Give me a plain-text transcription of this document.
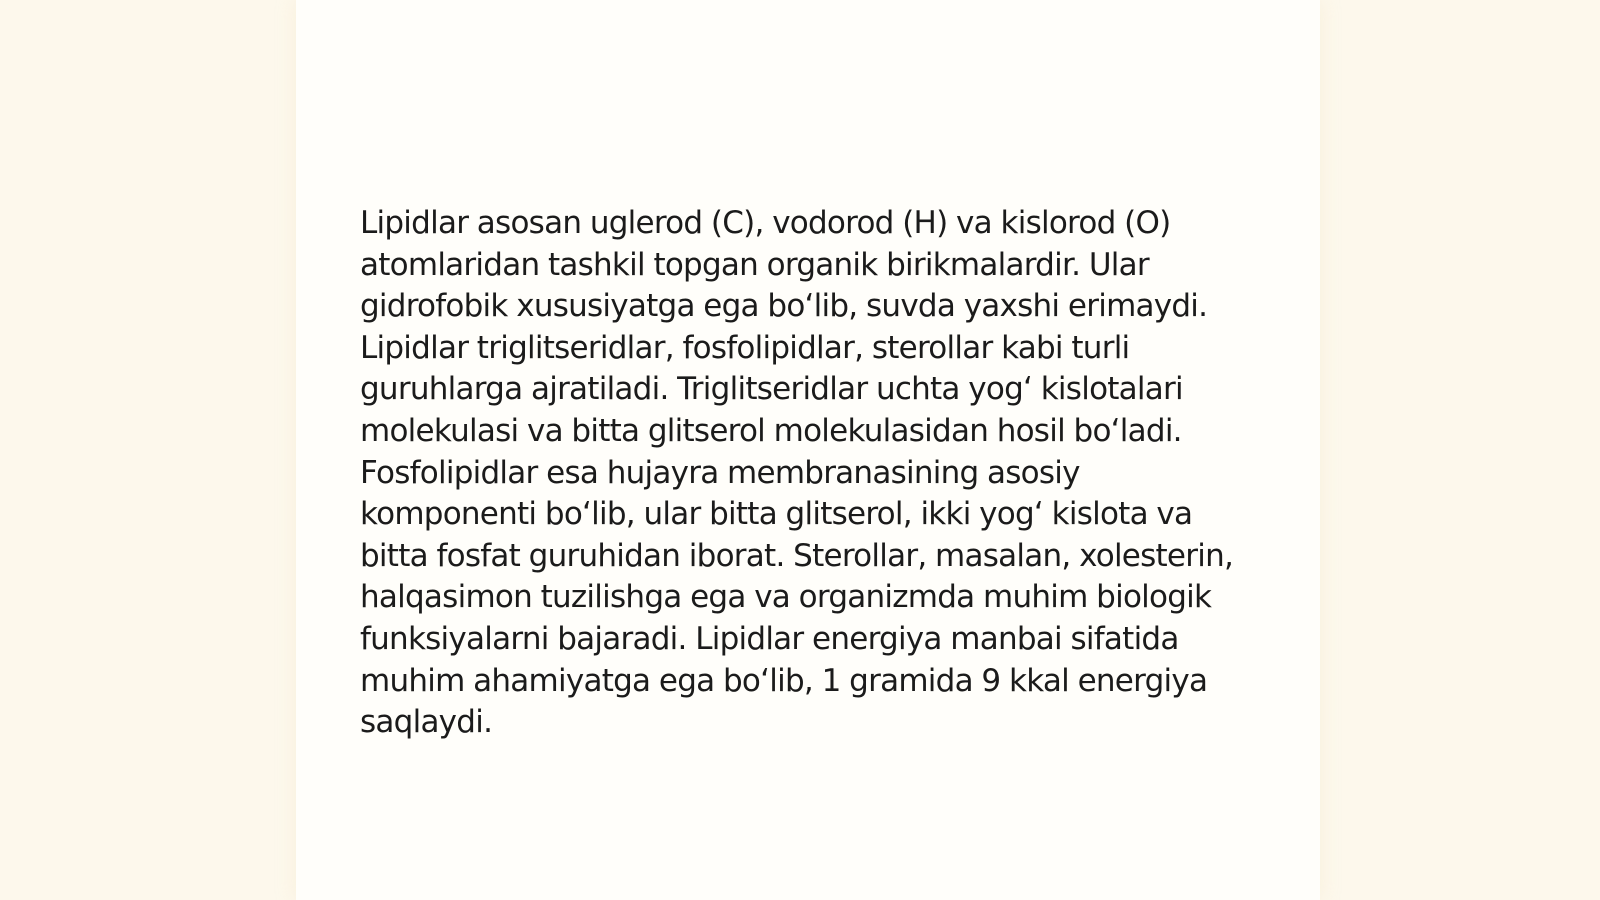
Lipidlar asosan uglerod (C), vodorod (H) va kislorod (O) atomlaridan tashkil topgan organik birikmalardir. Ular gidrofobik xususiyatga ega boʻlib, suvda yaxshi erimaydi. Lipidlar triglitseridlar, fosfolipidlar, sterollar kabi turli guruhlarga ajratiladi. Triglitseridlar uchta yogʻ kislotalari molekulasi va bitta glitserol molekulasidan hosil boʻladi. Fosfolipidlar esa hujayra membranasining asosiy komponenti boʻlib, ular bitta glitserol, ikki yogʻ kislota va bitta fosfat guruhidan iborat. Sterollar, masalan, xolesterin, halqasimon tuzilishga ega va organizmda muhim biologik funksiyalarni bajaradi. Lipidlar energiya manbai sifatida muhim ahamiyatga ega boʻlib, 1 gramida 9 kkal energiya saqlaydi.
